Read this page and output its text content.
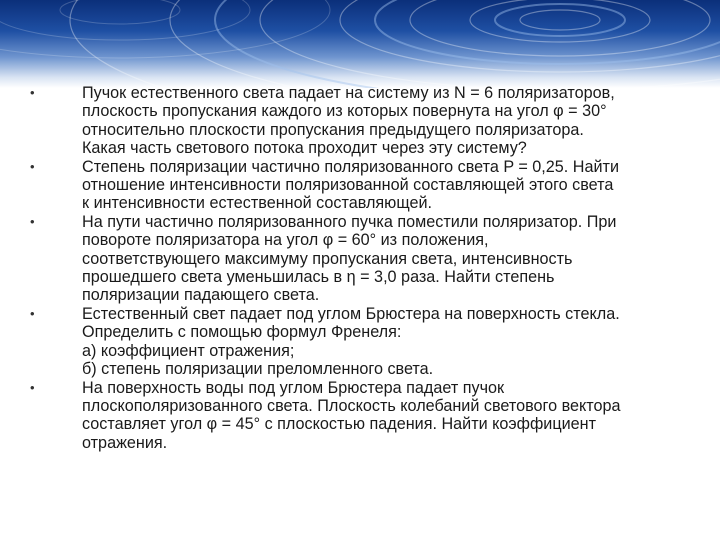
•	Пучок естественного света падает на систему из N = 6 поляризаторов,
плоскость пропускания каждого из которых повернута на угол φ = 30°
относительно плоскости пропускания предыдущего поляризатора.
Какая часть светового потока проходит через эту систему?
•	Степень поляризации частично поляризованного света P = 0,25. Найти
отношение интенсивности поляризованной составляющей этого света
к интенсивности естественной составляющей.
•	На пути частично поляризованного пучка поместили поляризатор. При
повороте поляризатора на угол φ = 60° из положения,
соответствующего максимуму пропускания света, интенсивность
прошедшего света уменьшилась в η = 3,0 раза. Найти степень
поляризации падающего света.
•	Естественный свет падает под углом Брюстера на поверхность стекла.
Определить с помощью формул Френеля:
а) коэффициент отражения;
б) степень поляризации преломленного света.
•	На поверхность воды под углом Брюстера падает пучок
плоскополяризованного света. Плоскость колебаний светового вектора
составляет угол φ = 45° с плоскостью падения. Найти коэффициент
отражения.
